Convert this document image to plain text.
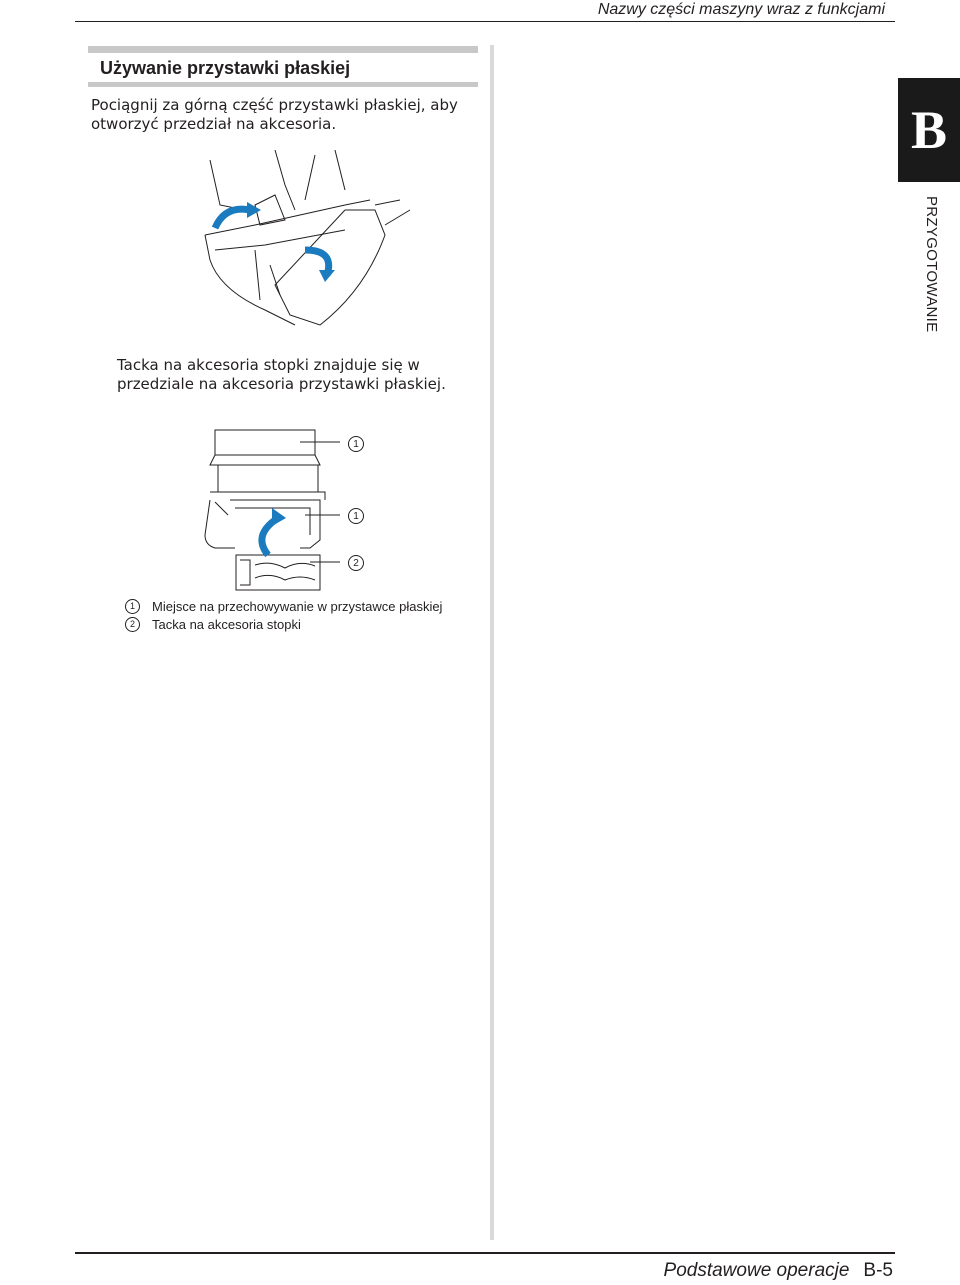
Nazwy części maszyny wraz z funkcjami
B
PRZYGOTOWANIE
Używanie przystawki płaskiej
Pociągnij za górną część przystawki płaskiej, aby otworzyć przedział na akcesoria.
Tacka na akcesoria stopki znajduje się w przedziale na akcesoria przystawki płaskiej.
1
1
2
1	Miejsce na przechowywanie w przystawce płaskiej
2	Tacka na akcesoria stopki
Podstawowe operacje B-5
